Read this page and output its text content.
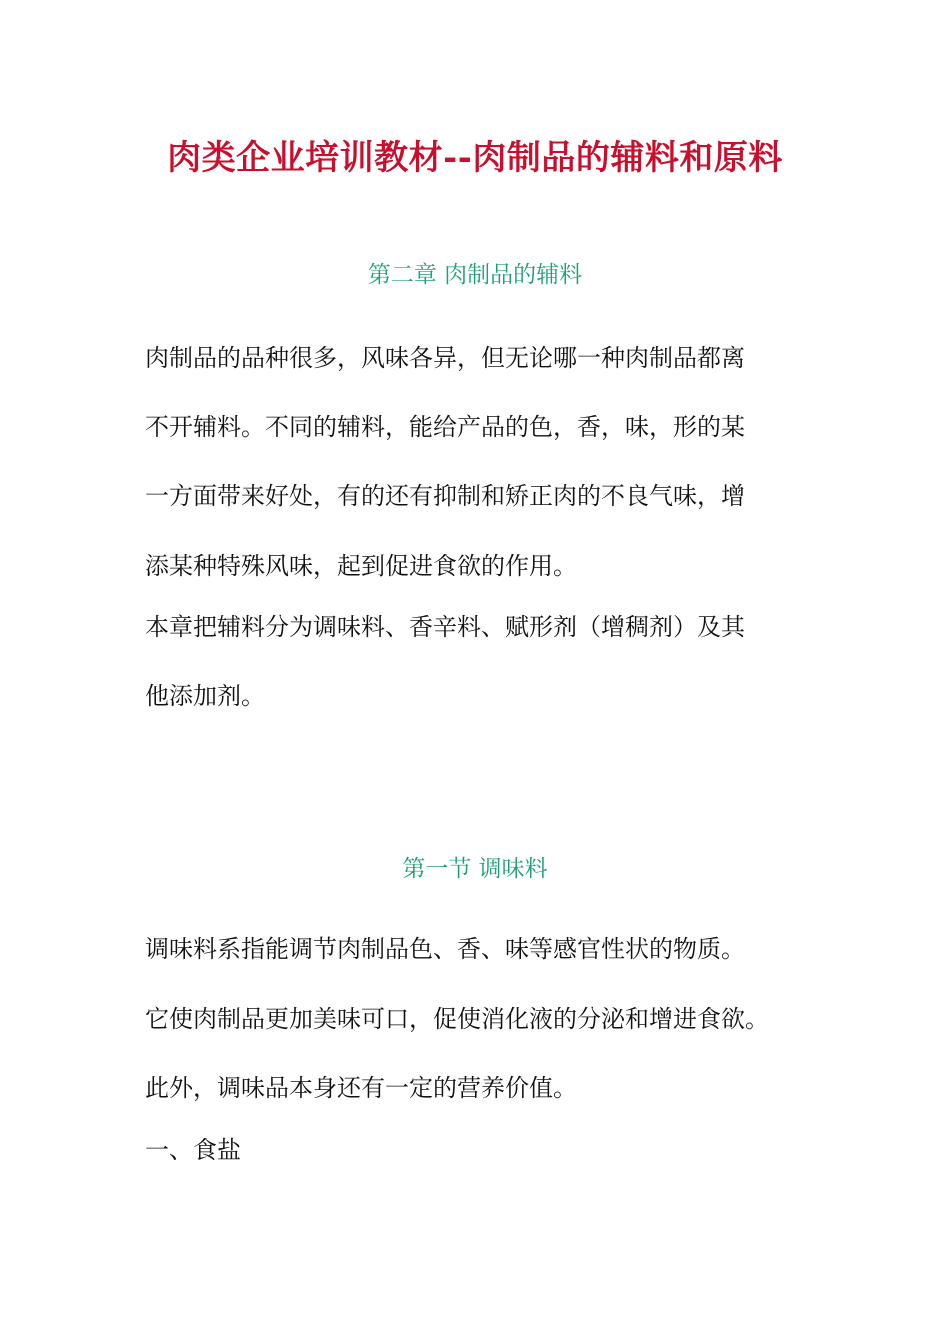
肉类企业培训教材--肉制品的辅料和原料
第二章 肉制品的辅料
肉制品的品种很多，风味各异，但无论哪一种肉制品都离
不开辅料。不同的辅料，能给产品的色，香，味，形的某
一方面带来好处，有的还有抑制和矫正肉的不良气味，增
添某种特殊风味，起到促进食欲的作用。
本章把辅料分为调味料、香辛料、赋形剂（增稠剂）及其
他添加剂。
第一节 调味料
调味料系指能调节肉制品色、香、味等感官性状的物质。
它使肉制品更加美味可口，促使消化液的分泌和增进食欲。
此外，调味品本身还有一定的营养价值。
一、食盐
